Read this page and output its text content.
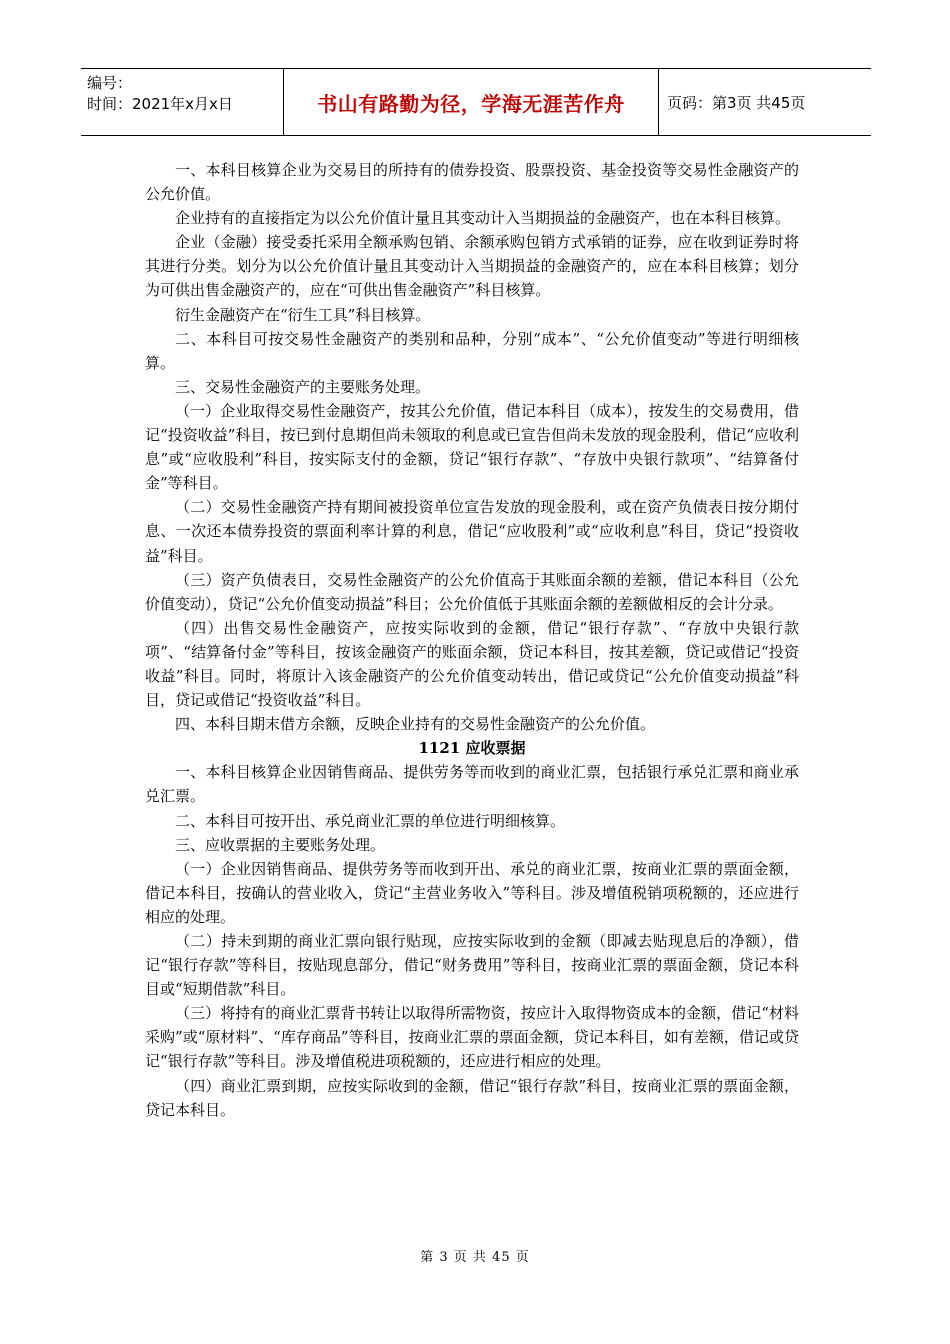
编号：
时间：2021年x月x日	书山有路勤为径，学海无涯苦作舟	页码：第3页 共45页

一、本科目核算企业为交易目的所持有的债券投资、股票投资、基金投资等交易性金融资产的公允价值。

企业持有的直接指定为以公允价值计量且其变动计入当期损益的金融资产，也在本科目核算。

企业（金融）接受委托采用全额承购包销、余额承购包销方式承销的证券，应在收到证券时将其进行分类。划分为以公允价值计量且其变动计入当期损益的金融资产的，应在本科目核算；划分为可供出售金融资产的，应在“可供出售金融资产”科目核算。

衍生金融资产在“衍生工具”科目核算。

二、本科目可按交易性金融资产的类别和品种，分别“成本”、“公允价值变动”等进行明细核算。

三、交易性金融资产的主要账务处理。

（一）企业取得交易性金融资产，按其公允价值，借记本科目（成本），按发生的交易费用，借记“投资收益”科目，按已到付息期但尚未领取的利息或已宣告但尚未发放的现金股利，借记“应收利息”或“应收股利”科目，按实际支付的金额，贷记“银行存款”、“存放中央银行款项”、“结算备付金”等科目。

（二）交易性金融资产持有期间被投资单位宣告发放的现金股利，或在资产负债表日按分期付息、一次还本债券投资的票面利率计算的利息，借记“应收股利”或“应收利息”科目，贷记“投资收益”科目。

（三）资产负债表日，交易性金融资产的公允价值高于其账面余额的差额，借记本科目（公允价值变动），贷记“公允价值变动损益”科目；公允价值低于其账面余额的差额做相反的会计分录。

（四）出售交易性金融资产，应按实际收到的金额，借记“银行存款”、“存放中央银行款项”、“结算备付金”等科目，按该金融资产的账面余额，贷记本科目，按其差额，贷记或借记“投资收益”科目。同时，将原计入该金融资产的公允价值变动转出，借记或贷记“公允价值变动损益”科目，贷记或借记“投资收益”科目。

四、本科目期末借方余额，反映企业持有的交易性金融资产的公允价值。

1121 应收票据

一、本科目核算企业因销售商品、提供劳务等而收到的商业汇票，包括银行承兑汇票和商业承兑汇票。

二、本科目可按开出、承兑商业汇票的单位进行明细核算。

三、应收票据的主要账务处理。

（一）企业因销售商品、提供劳务等而收到开出、承兑的商业汇票，按商业汇票的票面金额，借记本科目，按确认的营业收入，贷记“主营业务收入”等科目。涉及增值税销项税额的，还应进行相应的处理。

（二）持未到期的商业汇票向银行贴现，应按实际收到的金额（即减去贴现息后的净额），借记“银行存款”等科目，按贴现息部分，借记“财务费用”等科目，按商业汇票的票面金额，贷记本科目或“短期借款”科目。

（三）将持有的商业汇票背书转让以取得所需物资，按应计入取得物资成本的金额，借记“材料采购”或“原材料”、“库存商品”等科目，按商业汇票的票面金额，贷记本科目，如有差额，借记或贷记“银行存款”等科目。涉及增值税进项税额的，还应进行相应的处理。

（四）商业汇票到期，应按实际收到的金额，借记“银行存款”科目，按商业汇票的票面金额，贷记本科目。

第 3 页 共 45 页
